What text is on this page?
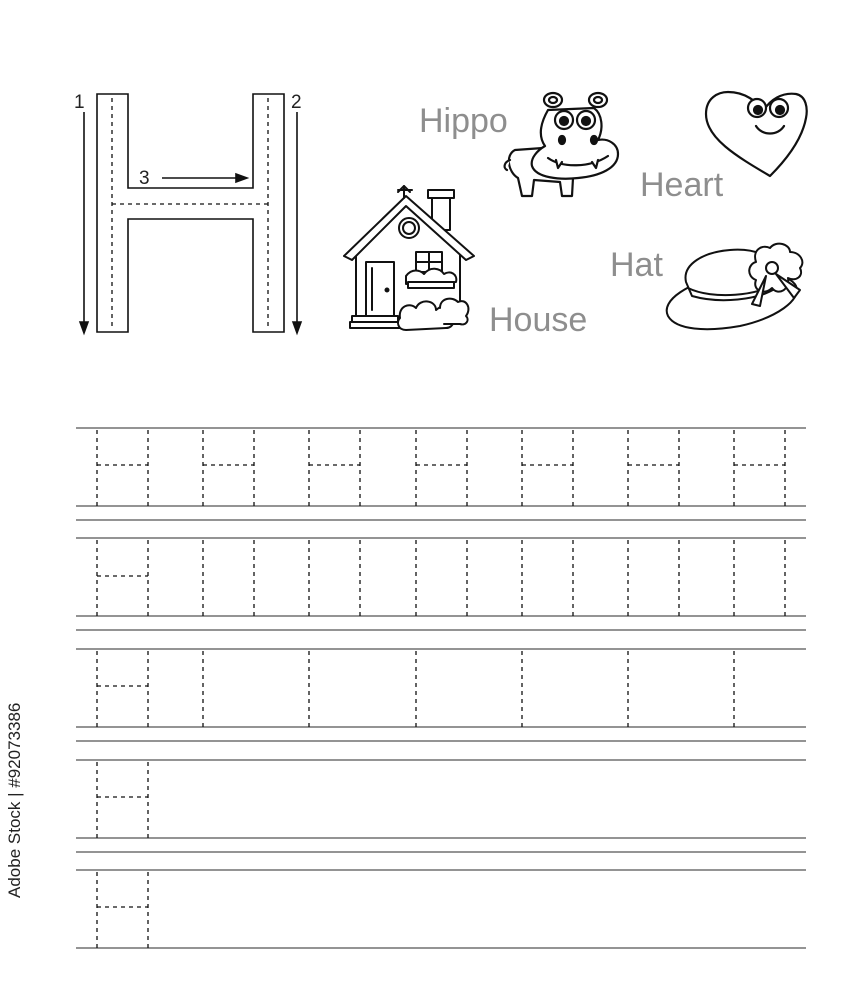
1	2
3
Hippo
Heart
Hat
House
Adobe Stock | #92073386
